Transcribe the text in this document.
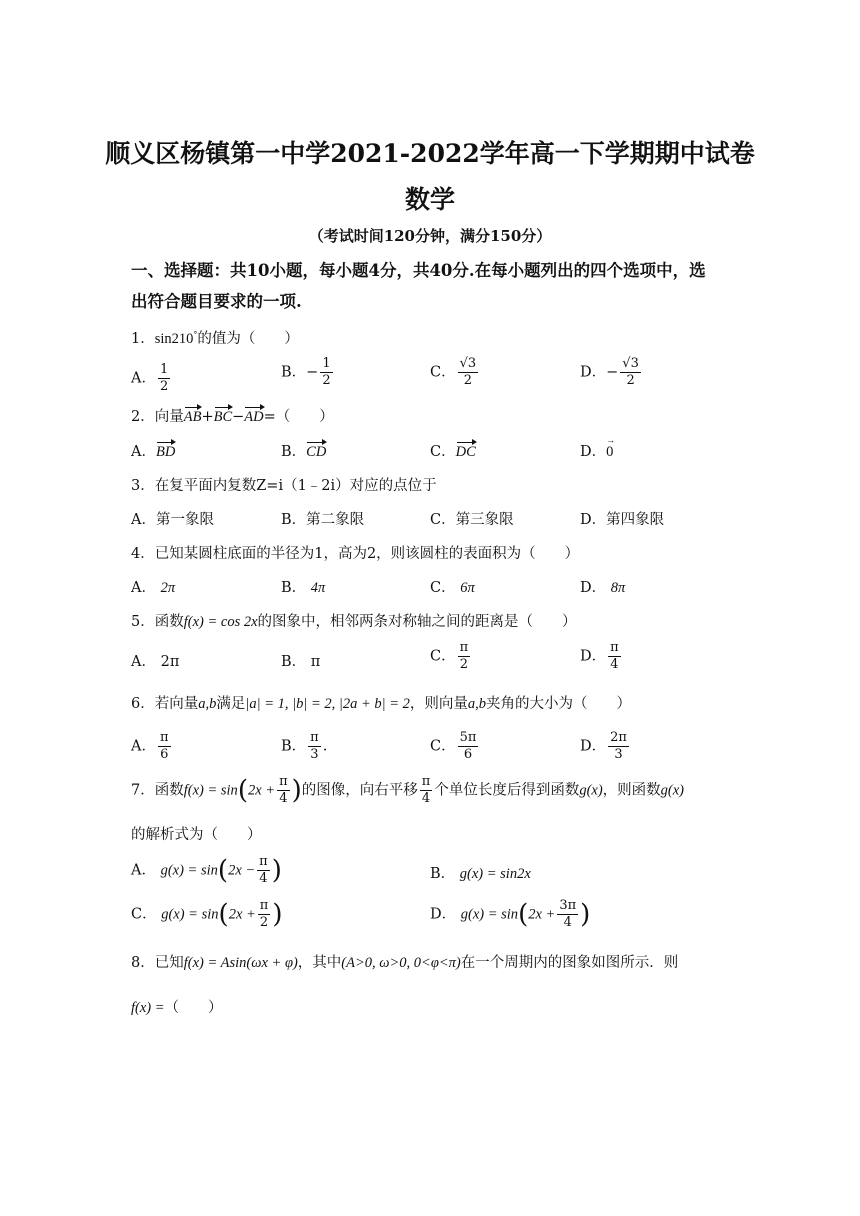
顺义区杨镇第一中学2021-2022学年高一下学期期中试卷
数学
（考试时间120分钟，满分150分）
一、选择题：共10小题，每小题4分，共40分.在每小题列出的四个选项中，选
出符合题目要求的一项.
1．sin210°的值为（　　）
A． $\frac{1}{2}$	B．− $\frac{1}{2}$	C． $\frac{√3}{2}$	D．− $\frac{√3}{2}$
2．向量AB+BC−AD=（　　）
A．BD	B．CD	C．DC	D．0 →
3．在复平面内复数Z=i（1﹣2i）对应的点位于
A．第一象限	B．第二象限	C．第三象限	D．第四象限
4．已知某圆柱底面的半径为1，高为2，则该圆柱的表面积为（　　）
A． 2π	B． 4π	C． 6π	D． 8π
5．函数f(x) = cos 2x的图象中，相邻两条对称轴之间的距离是（　　）
A． 2π	B． π	C． $\frac{\pi}{2}$	D． $\frac{\pi}{4}$
6．若向量a,b满足|a| = 1, |b| = 2, |2a + b| = 2，则向量a,b夹角的大小为（　　）
A． $\frac{\pi}{6}$	B． $\frac{\pi}{3}$ .	C． $\frac{5\pi}{6}$	D． $\frac{2\pi}{3}$
7．函数$f(x) = \sin(2x + \frac{\pi}{4}$ )的图像，向右平移 $\frac{\pi}{4}$ 个单位长度后得到函数g(x)，则函数g(x)
的解析式为（　　）
A． $g(x) = \sin(2x - \frac{\pi}{4}$ )	B． g(x) = sin2x
C． $g(x) = \sin(2x + \frac{\pi}{2}$ )	D． $g(x) = \sin(2x + \frac{3\pi}{4}$ )
8．已知f(x) = Asin(ωx + φ)，其中(A>0, ω>0, 0<φ<π)在一个周期内的图象如图所示．则
f(x) =（　　）
